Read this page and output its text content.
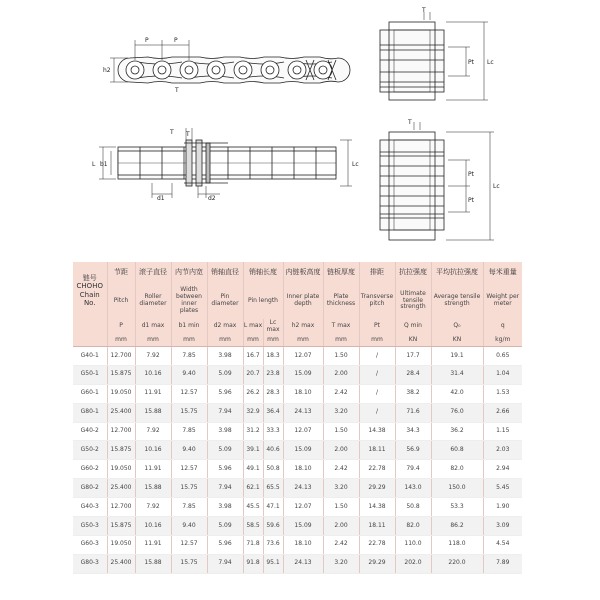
P	P
h2
T
T
T
L b1	Lc
d1	d2
T
Pt Lc
T
Pt
Pt
Lc
链号
CHOHO
Chain No.	节距	滚子直径	内节内宽	销轴直径	销轴长度		内链板高度	链板厚度	排距	抗拉强度	平均抗拉强度	每米重量
	Pitch	Roller diameter	Width between inner plates	Pin diameter	Pin length		Inner plate depth	Plate thickness	Transverse pitch	Ultimate tensile strength	Average tensile strength	Weight per meter
	P	d1 max	b1 min	d2 max	L max	Lc max	h2 max	T max	Pt	Q min	Q₀	q
	mm	mm	mm	mm	mm	mm	mm	mm	mm	KN	KN	kg/m
G40-1	12.700	7.92	7.85	3.98	16.7	18.3	12.07	1.50	/	17.7	19.1	0.65
G50-1	15.875	10.16	9.40	5.09	20.7	23.8	15.09	2.00	/	28.4	31.4	1.04
G60-1	19.050	11.91	12.57	5.96	26.2	28.3	18.10	2.42	/	38.2	42.0	1.53
G80-1	25.400	15.88	15.75	7.94	32.9	36.4	24.13	3.20	/	71.6	76.0	2.66
G40-2	12.700	7.92	7.85	3.98	31.2	33.3	12.07	1.50	14.38	34.3	36.2	1.15
G50-2	15.875	10.16	9.40	5.09	39.1	40.6	15.09	2.00	18.11	56.9	60.8	2.03
G60-2	19.050	11.91	12.57	5.96	49.1	50.8	18.10	2.42	22.78	79.4	82.0	2.94
G80-2	25.400	15.88	15.75	7.94	62.1	65.5	24.13	3.20	29.29	143.0	150.0	5.45
G40-3	12.700	7.92	7.85	3.98	45.5	47.1	12.07	1.50	14.38	50.8	53.3	1.90
G50-3	15.875	10.16	9.40	5.09	58.5	59.6	15.09	2.00	18.11	82.0	86.2	3.09
G60-3	19.050	11.91	12.57	5.96	71.8	73.6	18.10	2.42	22.78	110.0	118.0	4.54
G80-3	25.400	15.88	15.75	7.94	91.8	95.1	24.13	3.20	29.29	202.0	220.0	7.89
